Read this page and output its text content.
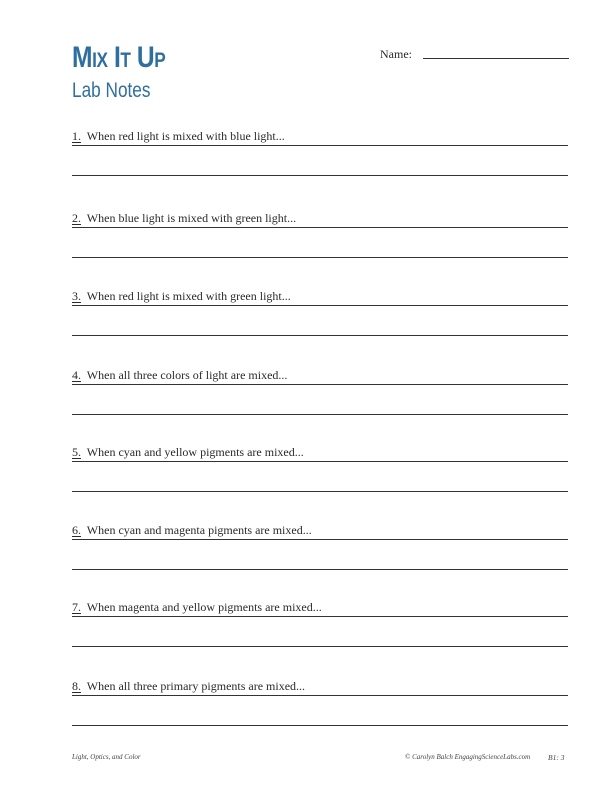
Mix It Up
Lab Notes
Name:
1. When red light is mixed with blue light...
2. When blue light is mixed with green light...
3. When red light is mixed with green light...
4. When all three colors of light are mixed...
5. When cyan and yellow pigments are mixed...
6. When cyan and magenta pigments are mixed...
7. When magenta and yellow pigments are mixed...
8. When all three primary pigments are mixed...
Light, Optics, and Color	© Carolyn Balch EngagingScienceLabs.com B1: 3
